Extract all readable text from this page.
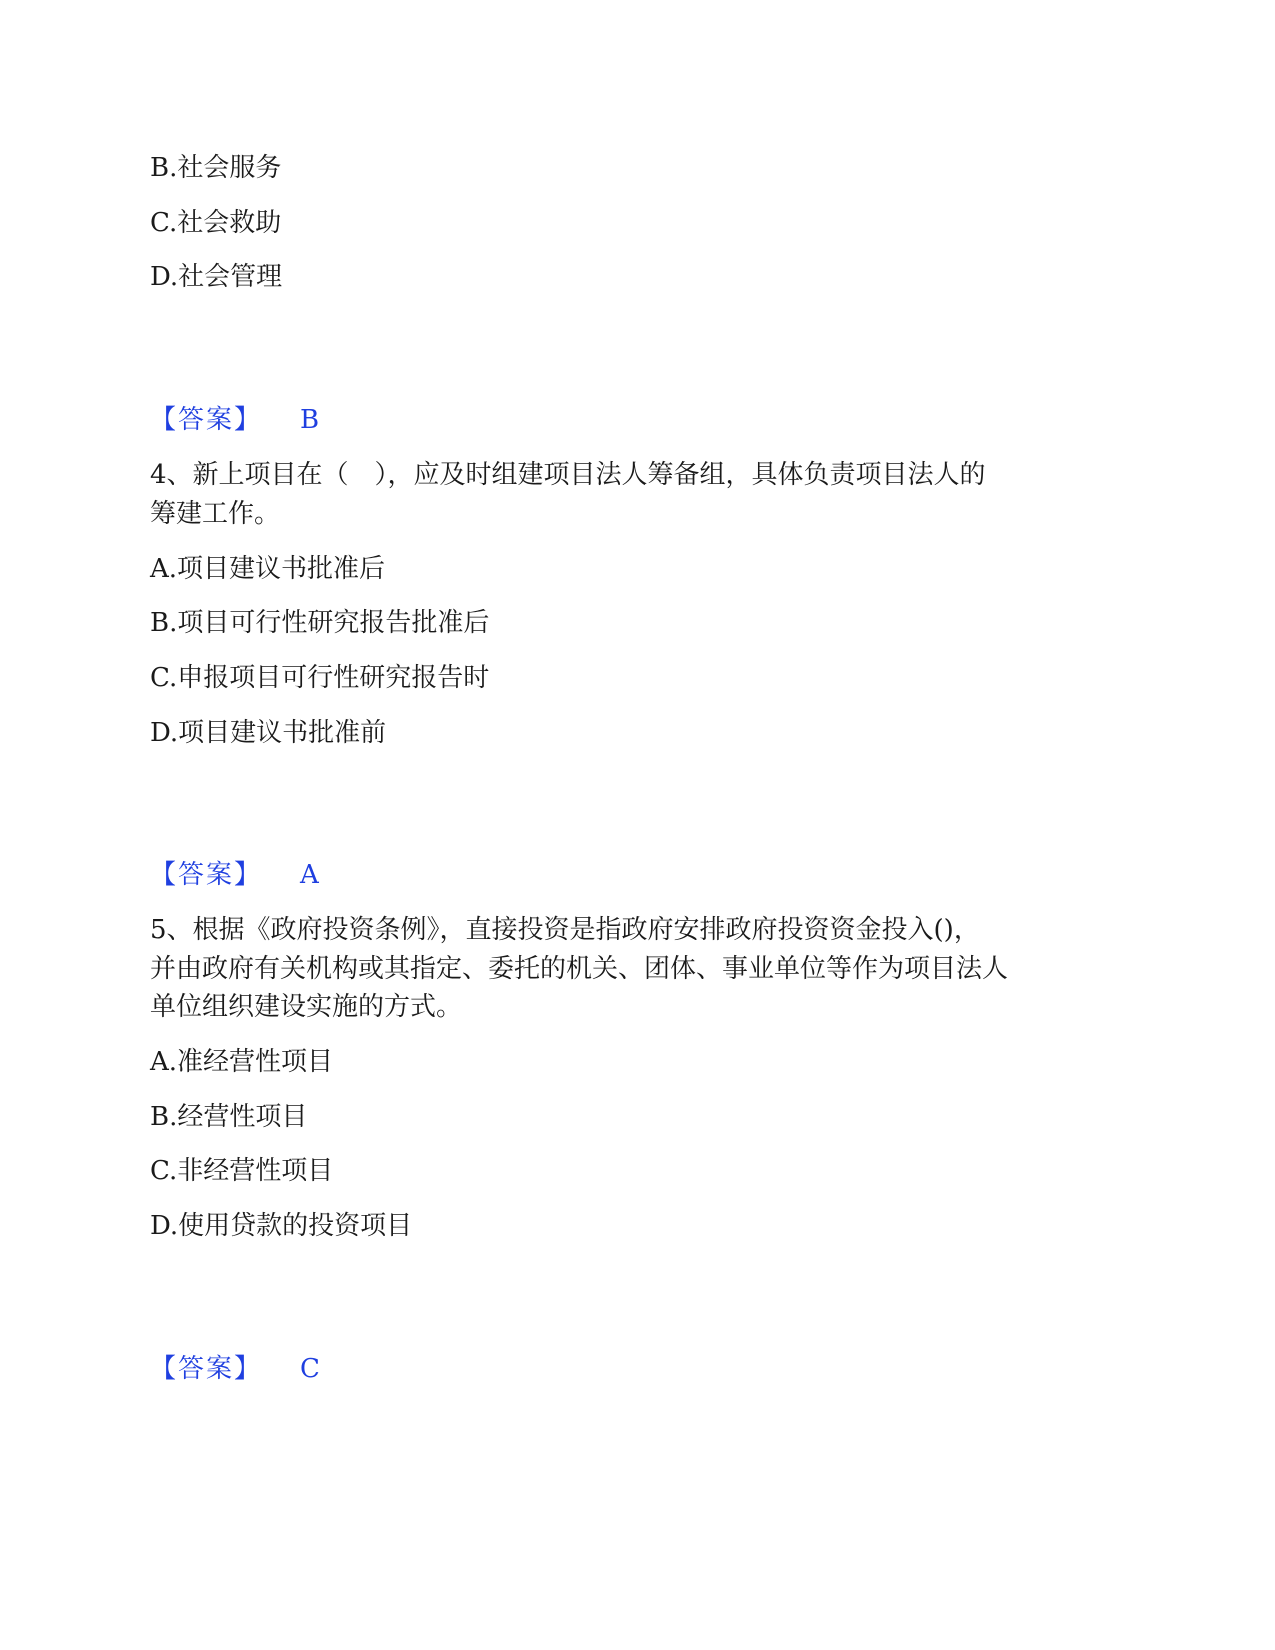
B.社会服务
C.社会救助
D.社会管理
【答案】 B
4、新上项目在（　），应及时组建项目法人筹备组，具体负责项目法人的
筹建工作。
A.项目建议书批准后
B.项目可行性研究报告批准后
C.申报项目可行性研究报告时
D.项目建议书批准前
【答案】 A
5、根据《政府投资条例》，直接投资是指政府安排政府投资资金投入()，
并由政府有关机构或其指定、委托的机关、团体、事业单位等作为项目法人
单位组织建设实施的方式。
A.准经营性项目
B.经营性项目
C.非经营性项目
D.使用贷款的投资项目
【答案】 C
